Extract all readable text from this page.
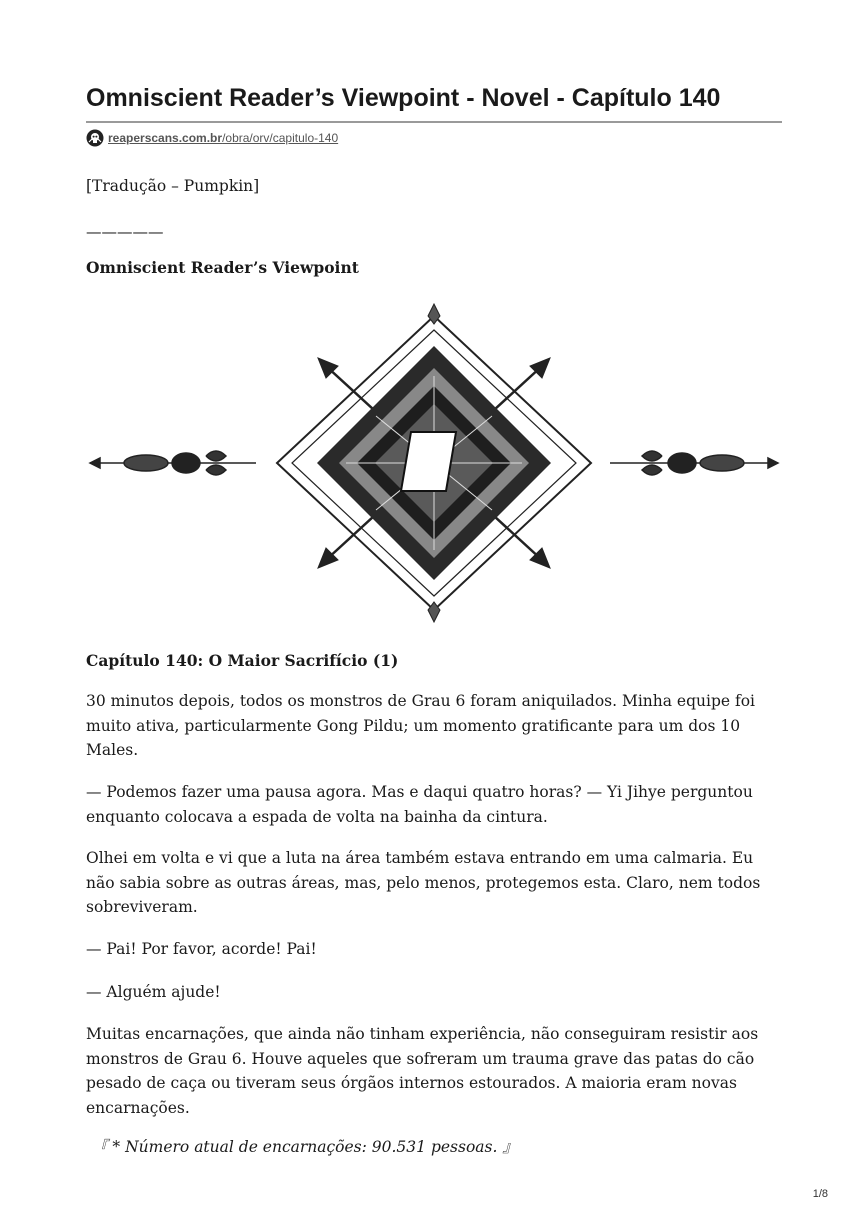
Omniscient Reader’s Viewpoint - Novel - Capítulo 140
reaperscans.com.br/obra/orv/capitulo-140
[Tradução – Pumpkin]
—————
Omniscient Reader’s Viewpoint
Capítulo 140: O Maior Sacrifício (1)
30 minutos depois, todos os monstros de Grau 6 foram aniquilados. Minha equipe foi muito ativa, particularmente Gong Pildu; um momento gratificante para um dos 10 Males.
— Podemos fazer uma pausa agora. Mas e daqui quatro horas? — Yi Jihye perguntou enquanto colocava a espada de volta na bainha da cintura.
Olhei em volta e vi que a luta na área também estava entrando em uma calmaria. Eu não sabia sobre as outras áreas, mas, pelo menos, protegemos esta. Claro, nem todos sobreviveram.
— Pai! Por favor, acorde! Pai!
— Alguém ajude!
Muitas encarnações, que ainda não tinham experiência, não conseguiram resistir aos monstros de Grau 6. Houve aqueles que sofreram um trauma grave das patas do cão pesado de caça ou tiveram seus órgãos internos estourados. A maioria eram novas encarnações.
『 * Número atual de encarnações: 90.531 pessoas. 』
1/8
